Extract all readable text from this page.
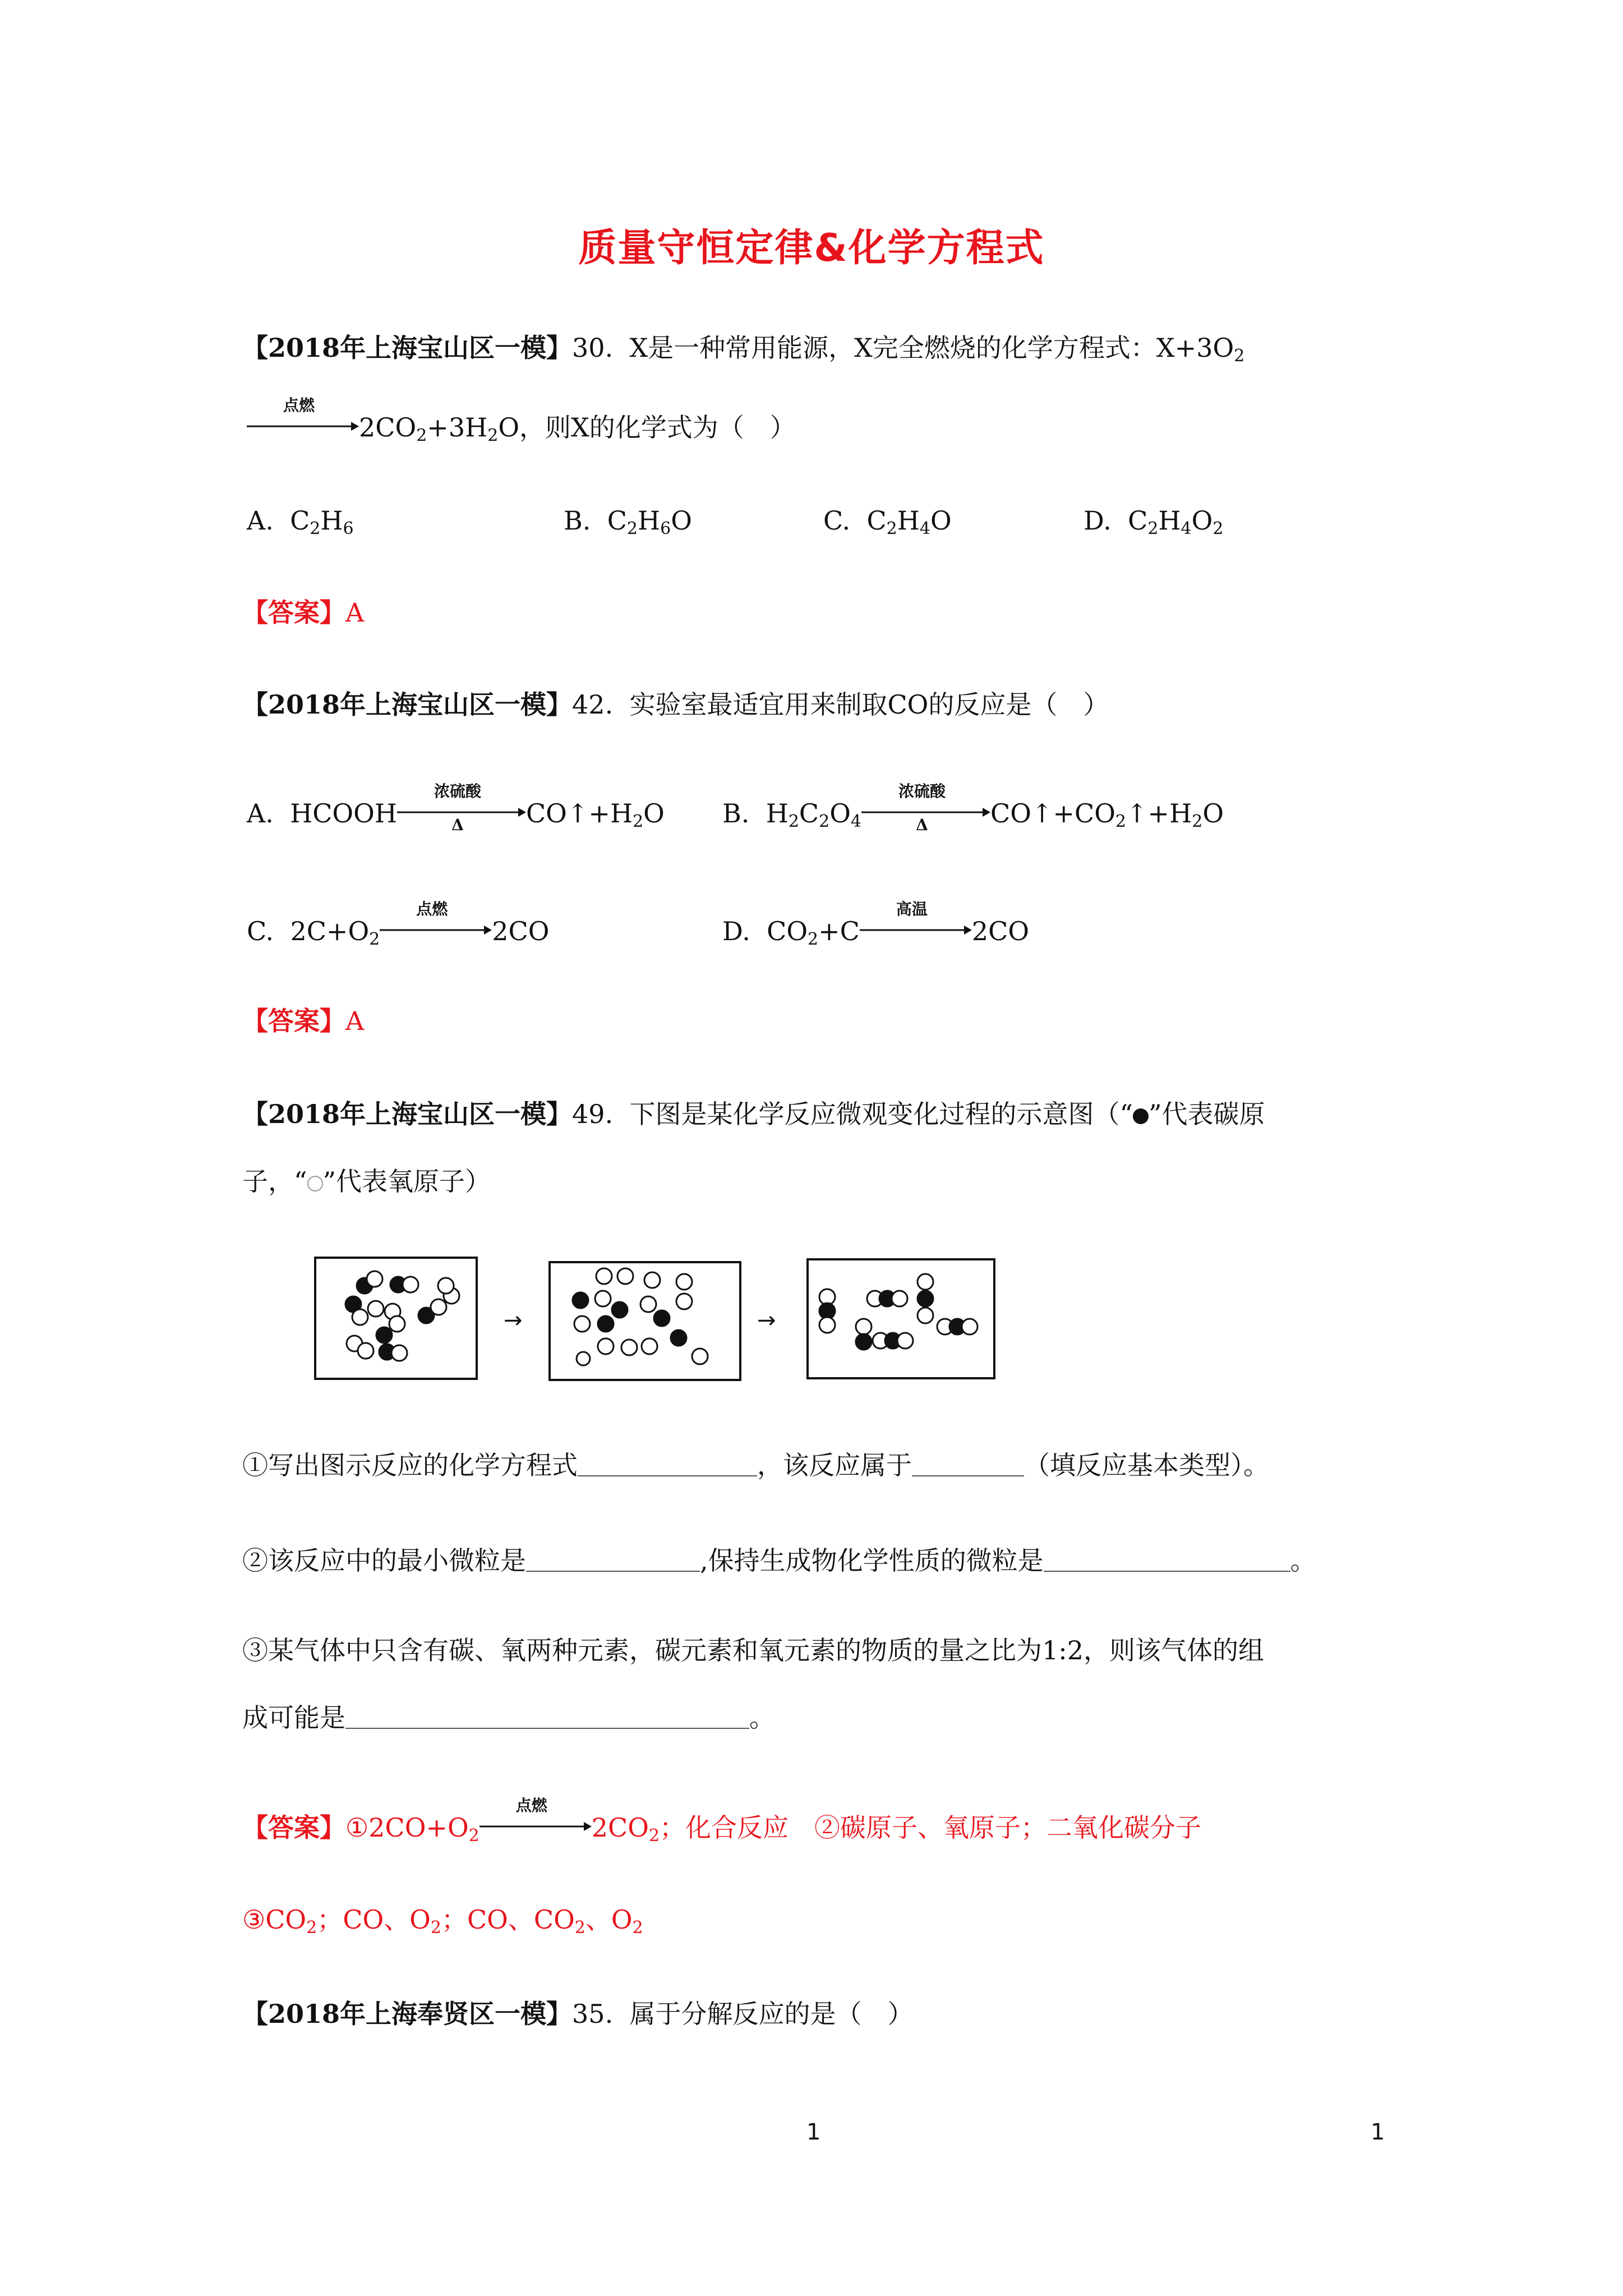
质量守恒定律&化学方程式
【2018年上海宝山区一模】30. X是一种常用能源，X完全燃烧的化学方程式：$X+3O_2$
点燃
$2CO_2+3H_2O$，则X的化学式为（　）
A. $C_2H_6$	B. $C_2H_6O$	C. $C_2H_4O$	D. $C_2H_4O_2$
【答案】A
【2018年上海宝山区一模】42. 实验室最适宜用来制取CO的反应是（　）
A. HCOOH
浓硫酸
Δ	$CO↑+H_2O$ B. $H_2C_2O_4$
浓硫酸
Δ	$CO↑+CO_2↑+H_2O$
C. $2C+O_2$
点燃
2CO	D. $CO_2+C$
高温
2CO
【答案】A
【2018年上海宝山区一模】49. 下图是某化学反应微观变化过程的示意图（“ ”代表碳原
子，“ ”代表氧原子）
→	→
①写出图示反应的化学方程式	，该反应属于	（填反应基本类型）。
②该反应中的最小微粒是	,保持生成物化学性质的微粒是	。
③某气体中只含有碳、氧两种元素，碳元素和氧元素的物质的量之比为1:2，则该气体的组
成可能是	。
【答案】$①2CO+O_2$
点燃
$2CO_2$；化合反应　②碳原子、氧原子；二氧化碳分子
$③CO_2$；CO、$O_2$；CO、$CO_2$、$O_2$
【2018年上海奉贤区一模】35. 属于分解反应的是（　）
1	1
